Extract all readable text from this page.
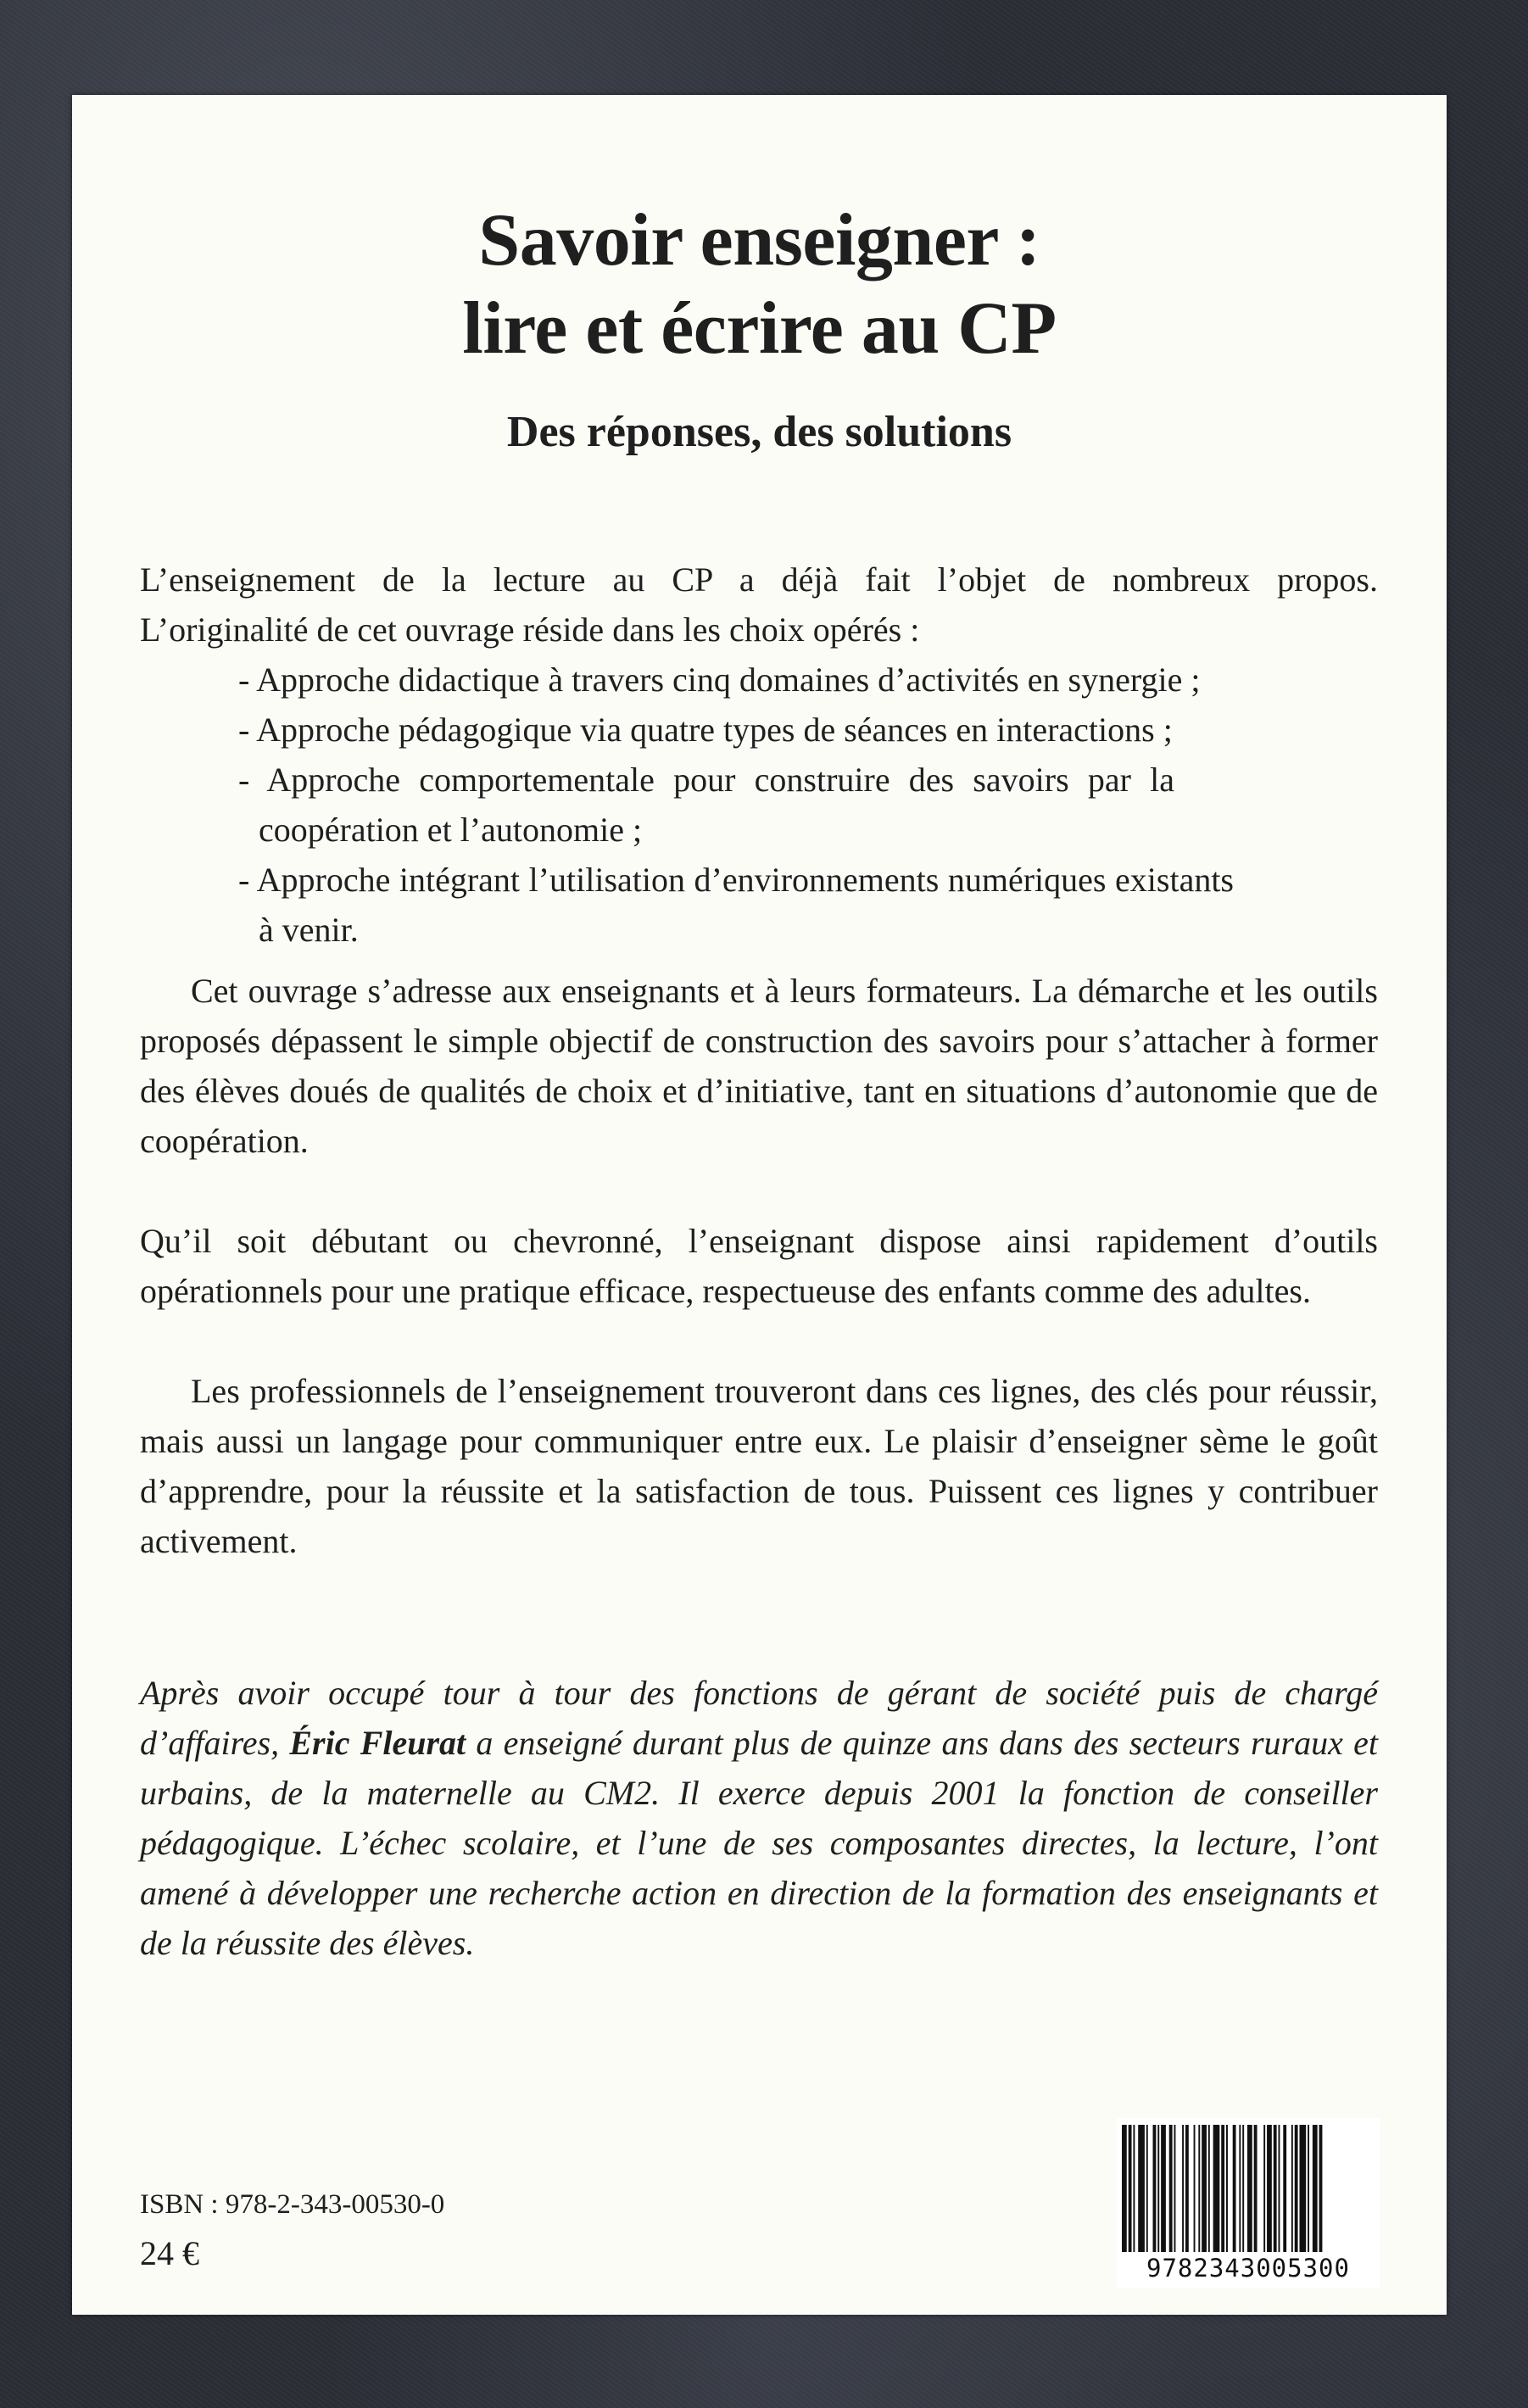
Savoir enseigner :
lire et écrire au CP
Des réponses, des solutions

L’enseignement de la lecture au CP a déjà fait l’objet de nombreux propos.

L’originalité de cet ouvrage réside dans les choix opérés :

- Approche didactique à travers cinq domaines d’activités en synergie ;
- Approche pédagogique via quatre types de séances en interactions ;
- Approche comportementale pour construire des savoirs par la coopération et l’autonomie ;
- Approche intégrant l’utilisation d’environnements numériques existants à venir.

Cet ouvrage s’adresse aux enseignants et à leurs formateurs. La démarche et les outils proposés dépassent le simple objectif de construction des savoirs pour s’attacher à former des élèves doués de qualités de choix et d’initiative, tant en situations d’autonomie que de coopération.

Qu’il soit débutant ou chevronné, l’enseignant dispose ainsi rapidement d’outils opérationnels pour une pratique efficace, respectueuse des enfants comme des adultes.

Les professionnels de l’enseignement trouveront dans ces lignes, des clés pour réussir, mais aussi un langage pour communiquer entre eux. Le plaisir d’enseigner sème le goût d’apprendre, pour la réussite et la satisfaction de tous. Puissent ces lignes y contribuer activement.

Après avoir occupé tour à tour des fonctions de gérant de société puis de chargé d’affaires, Éric Fleurat a enseigné durant plus de quinze ans dans des secteurs ruraux et urbains, de la maternelle au CM2. Il exerce depuis 2001 la fonction de conseiller pédagogique. L’échec scolaire, et l’une de ses composantes directes, la lecture, l’ont amené à développer une recherche action en direction de la formation des enseignants et de la réussite des élèves.
ISBN : 978-2-343-00530-0
24 €	9782343005300
